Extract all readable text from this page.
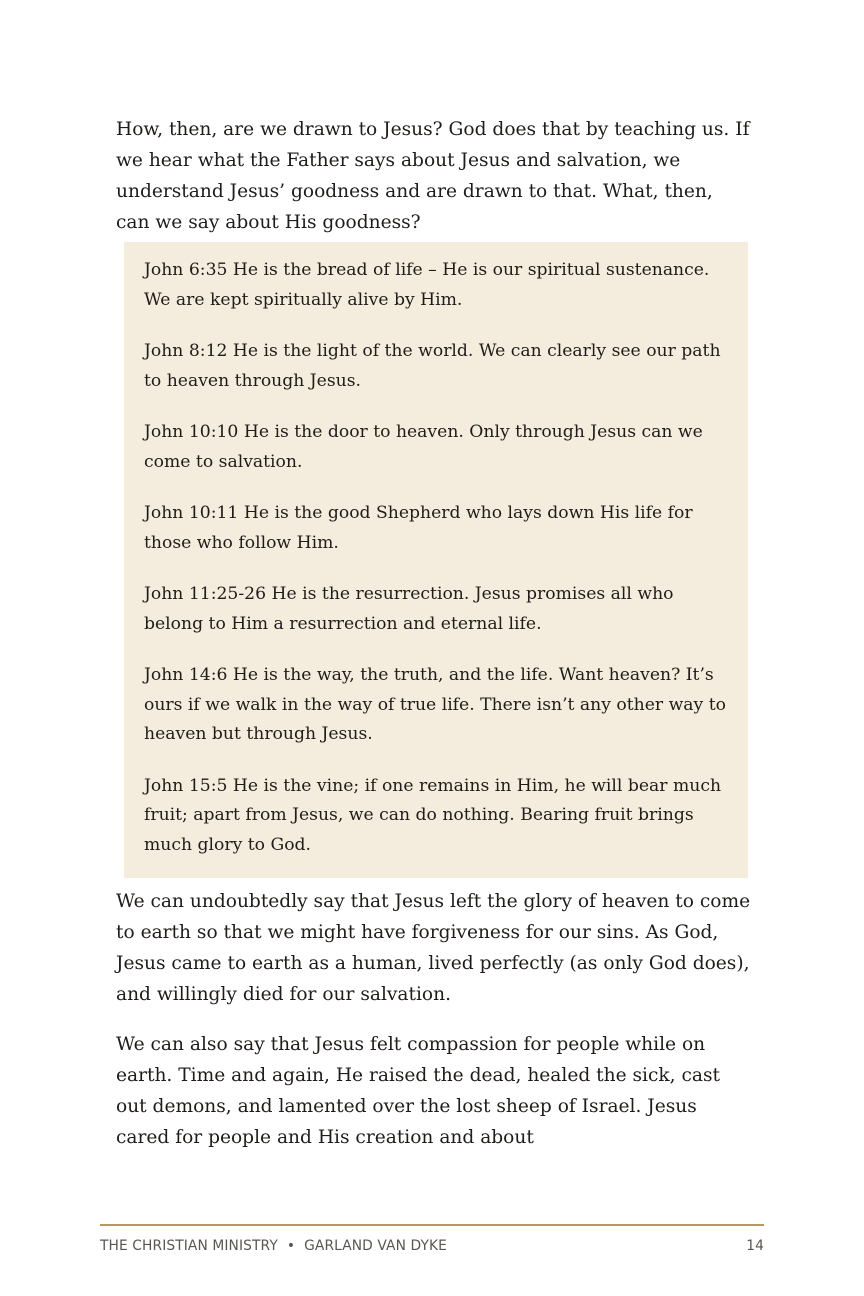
How, then, are we drawn to Jesus? God does that by teaching us. If we hear what the Father says about Jesus and salvation, we understand Jesus’ goodness and are drawn to that. What, then, can we say about His goodness?

John 6:35 He is the bread of life – He is our spiritual sustenance. We are kept spiritually alive by Him.

John 8:12 He is the light of the world. We can clearly see our path to heaven through Jesus.

John 10:10 He is the door to heaven. Only through Jesus can we come to salvation.

John 10:11 He is the good Shepherd who lays down His life for those who follow Him.

John 11:25-26 He is the resurrection. Jesus promises all who belong to Him a resurrection and eternal life.

John 14:6 He is the way, the truth, and the life. Want heaven? It’s ours if we walk in the way of true life. There isn’t any other way to heaven but through Jesus.

John 15:5 He is the vine; if one remains in Him, he will bear much fruit; apart from Jesus, we can do nothing. Bearing fruit brings much glory to God.

We can undoubtedly say that Jesus left the glory of heaven to come to earth so that we might have forgiveness for our sins. As God, Jesus came to earth as a human, lived perfectly (as only God does), and willingly died for our salvation.

We can also say that Jesus felt compassion for people while on earth. Time and again, He raised the dead, healed the sick, cast out demons, and lamented over the lost sheep of Israel. Jesus cared for people and His creation and about

THE CHRISTIAN MINISTRY • GARLAND VAN DYKE	14
